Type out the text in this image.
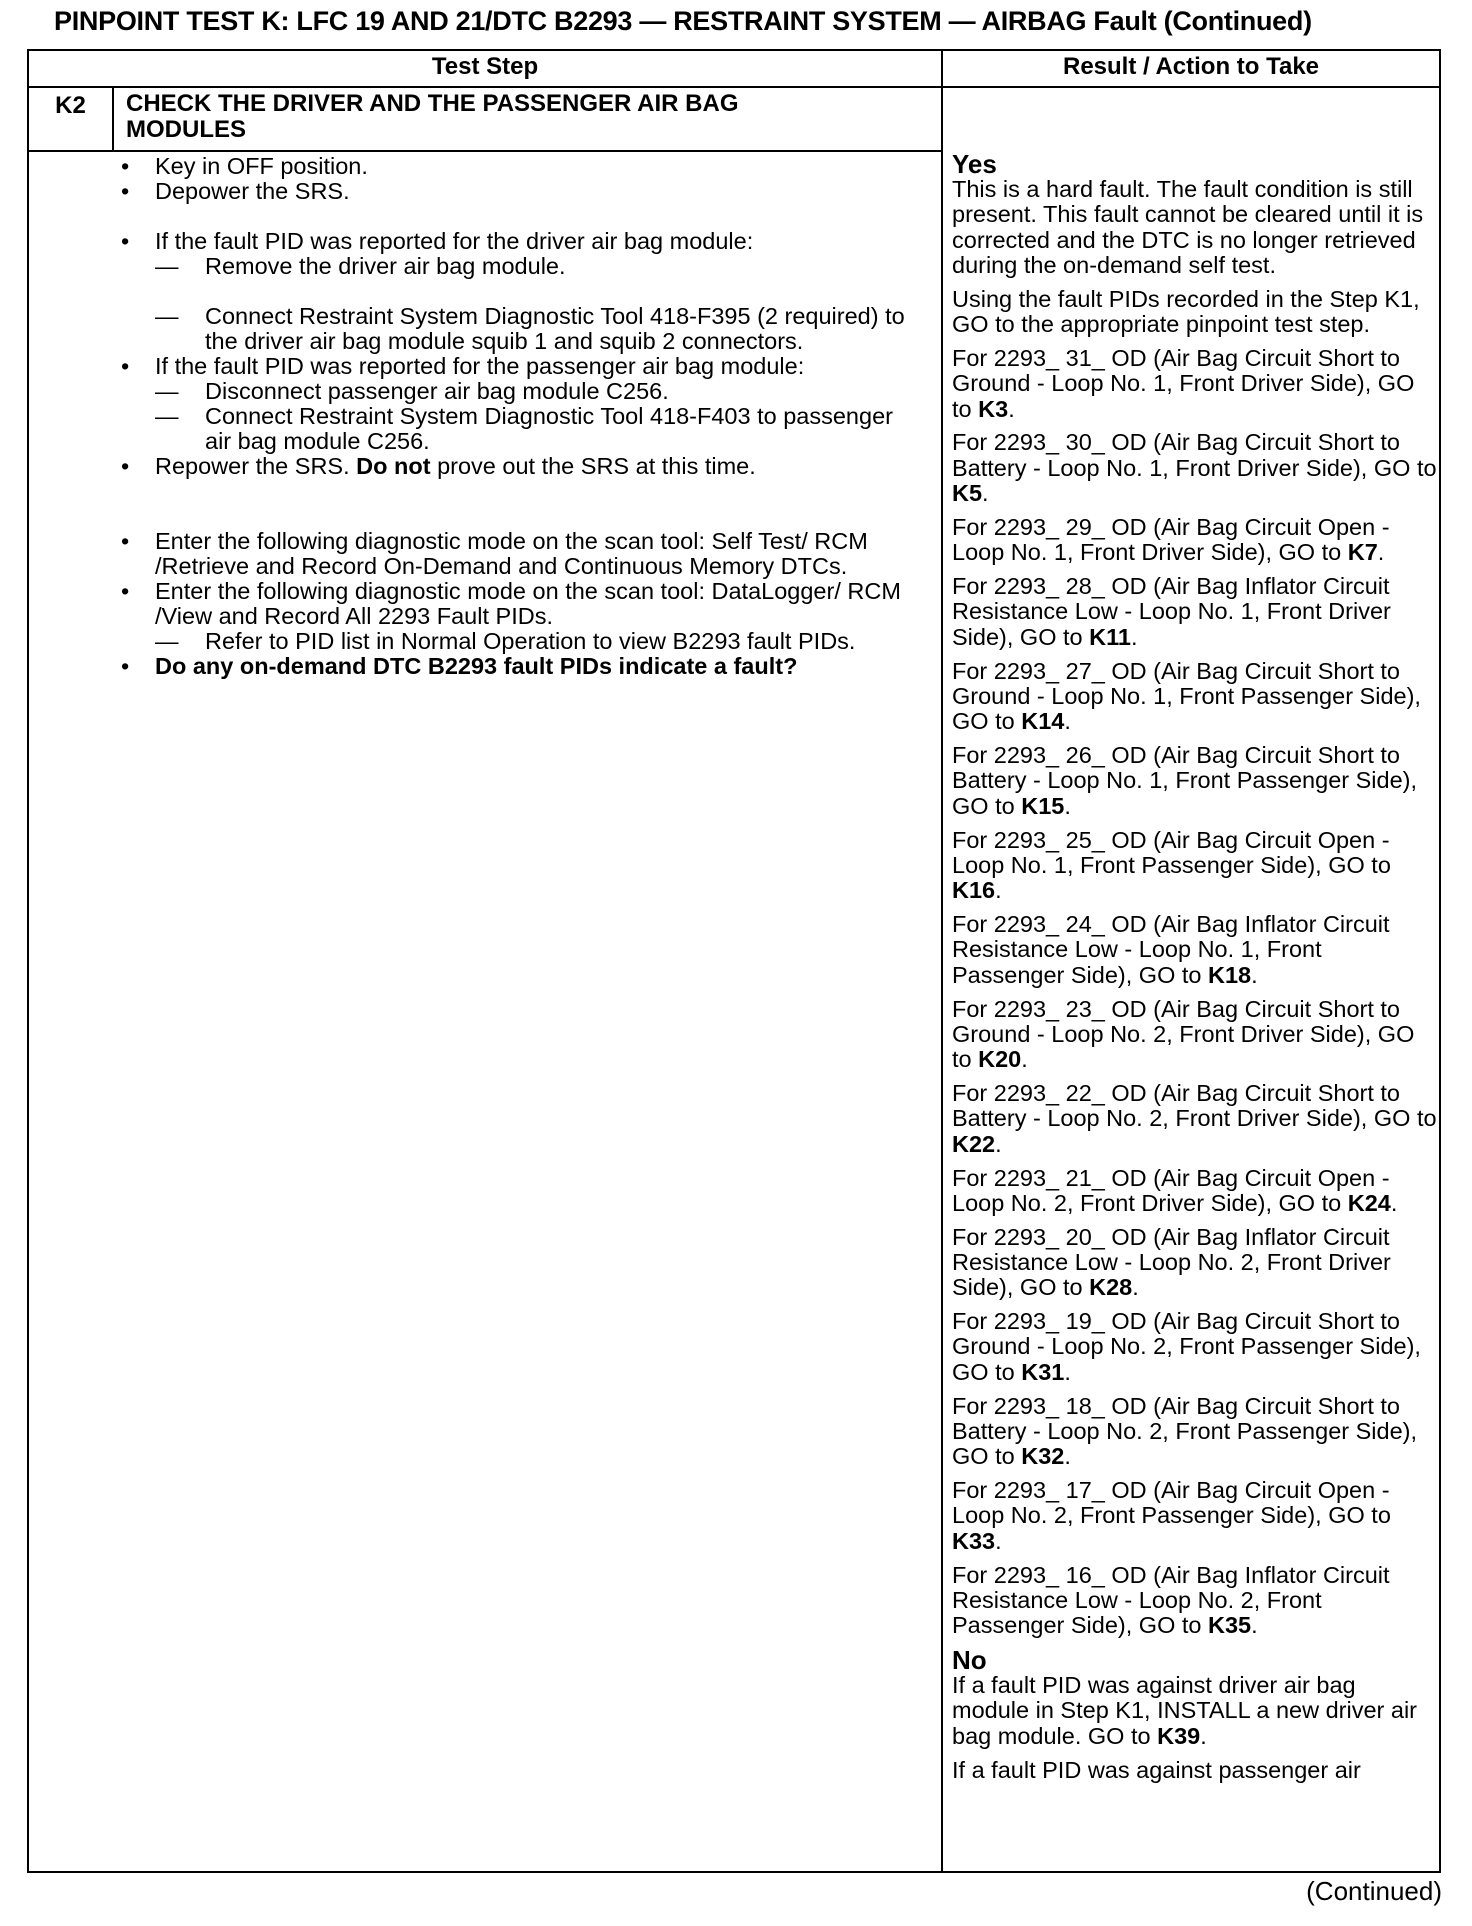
PINPOINT TEST K: LFC 19 AND 21/DTC B2293 — RESTRAINT SYSTEM — AIRBAG Fault (Continued)
Test Step	Result / Action to Take
K2	CHECK THE DRIVER AND THE PASSENGER AIR BAG MODULES
• Key in OFF position.
• Depower the SRS.
• If the fault PID was reported for the driver air bag module:
— Remove the driver air bag module.
— Connect Restraint System Diagnostic Tool 418-F395 (2 required) to the driver air bag module squib 1 and squib 2 connectors.
• If the fault PID was reported for the passenger air bag module:
— Disconnect passenger air bag module C256.
— Connect Restraint System Diagnostic Tool 418-F403 to passenger air bag module C256.
• Repower the SRS. Do not prove out the SRS at this time.
• Enter the following diagnostic mode on the scan tool: Self Test/ RCM /Retrieve and Record On-Demand and Continuous Memory DTCs.
• Enter the following diagnostic mode on the scan tool: DataLogger/ RCM /View and Record All 2293 Fault PIDs.
— Refer to PID list in Normal Operation to view B2293 fault PIDs.
• Do any on-demand DTC B2293 fault PIDs indicate a fault?
Yes

This is a hard fault. The fault condition is still present. This fault cannot be cleared until it is corrected and the DTC is no longer retrieved during the on-demand self test.

Using the fault PIDs recorded in the Step K1, GO to the appropriate pinpoint test step.

For 2293_ 31_ OD (Air Bag Circuit Short to Ground - Loop No. 1, Front Driver Side), GO to K3.

For 2293_ 30_ OD (Air Bag Circuit Short to Battery - Loop No. 1, Front Driver Side), GO to K5.

For 2293_ 29_ OD (Air Bag Circuit Open - Loop No. 1, Front Driver Side), GO to K7.

For 2293_ 28_ OD (Air Bag Inflator Circuit Resistance Low - Loop No. 1, Front Driver Side), GO to K11.

For 2293_ 27_ OD (Air Bag Circuit Short to Ground - Loop No. 1, Front Passenger Side), GO to K14.

For 2293_ 26_ OD (Air Bag Circuit Short to Battery - Loop No. 1, Front Passenger Side), GO to K15.

For 2293_ 25_ OD (Air Bag Circuit Open - Loop No. 1, Front Passenger Side), GO to K16.

For 2293_ 24_ OD (Air Bag Inflator Circuit Resistance Low - Loop No. 1, Front Passenger Side), GO to K18.

For 2293_ 23_ OD (Air Bag Circuit Short to Ground - Loop No. 2, Front Driver Side), GO to K20.

For 2293_ 22_ OD (Air Bag Circuit Short to Battery - Loop No. 2, Front Driver Side), GO to K22.

For 2293_ 21_ OD (Air Bag Circuit Open - Loop No. 2, Front Driver Side), GO to K24.

For 2293_ 20_ OD (Air Bag Inflator Circuit Resistance Low - Loop No. 2, Front Driver Side), GO to K28.

For 2293_ 19_ OD (Air Bag Circuit Short to Ground - Loop No. 2, Front Passenger Side), GO to K31.

For 2293_ 18_ OD (Air Bag Circuit Short to Battery - Loop No. 2, Front Passenger Side), GO to K32.

For 2293_ 17_ OD (Air Bag Circuit Open - Loop No. 2, Front Passenger Side), GO to K33.

For 2293_ 16_ OD (Air Bag Inflator Circuit Resistance Low - Loop No. 2, Front Passenger Side), GO to K35.

No

If a fault PID was against driver air bag module in Step K1, INSTALL a new driver air bag module. GO to K39.

If a fault PID was against passenger air

(Continued)
